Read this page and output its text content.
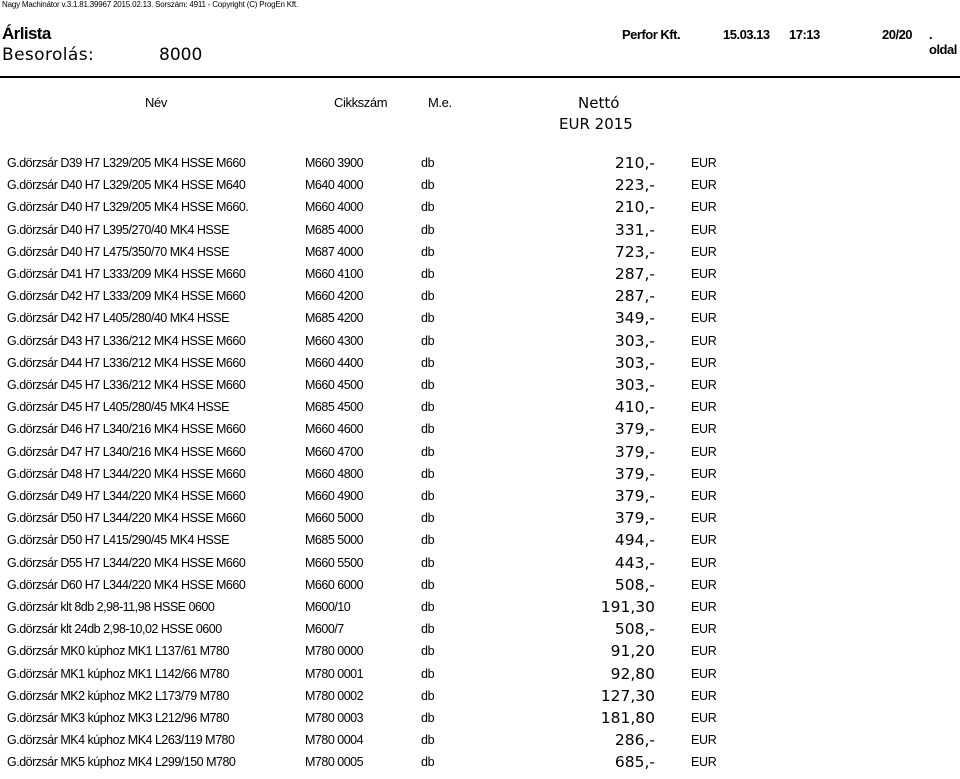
Nagy Machinátor v.3.1.81.39967 2015.02.13. Sorszám: 4911 - Copyright (C) ProgEn Kft.
Árlista	Perfor Kft.	15.03.13 17:13	20/20 . oldal
Besorolás:	8000
Név	Cikkszám	M.e.	Nettó
EUR 2015
G.dörzsár D39 H7 L329/205 MK4 HSSE M660	M660 3900	db	210,-	EUR
G.dörzsár D40 H7 L329/205 MK4 HSSE M640	M640 4000	db	223,-	EUR
G.dörzsár D40 H7 L329/205 MK4 HSSE M660.	M660 4000	db	210,-	EUR
G.dörzsár D40 H7 L395/270/40 MK4 HSSE	M685 4000	db	331,-	EUR
G.dörzsár D40 H7 L475/350/70 MK4 HSSE	M687 4000	db	723,-	EUR
G.dörzsár D41 H7 L333/209 MK4 HSSE M660	M660 4100	db	287,-	EUR
G.dörzsár D42 H7 L333/209 MK4 HSSE M660	M660 4200	db	287,-	EUR
G.dörzsár D42 H7 L405/280/40 MK4 HSSE	M685 4200	db	349,-	EUR
G.dörzsár D43 H7 L336/212 MK4 HSSE M660	M660 4300	db	303,-	EUR
G.dörzsár D44 H7 L336/212 MK4 HSSE M660	M660 4400	db	303,-	EUR
G.dörzsár D45 H7 L336/212 MK4 HSSE M660	M660 4500	db	303,-	EUR
G.dörzsár D45 H7 L405/280/45 MK4 HSSE	M685 4500	db	410,-	EUR
G.dörzsár D46 H7 L340/216 MK4 HSSE M660	M660 4600	db	379,-	EUR
G.dörzsár D47 H7 L340/216 MK4 HSSE M660	M660 4700	db	379,-	EUR
G.dörzsár D48 H7 L344/220 MK4 HSSE M660	M660 4800	db	379,-	EUR
G.dörzsár D49 H7 L344/220 MK4 HSSE M660	M660 4900	db	379,-	EUR
G.dörzsár D50 H7 L344/220 MK4 HSSE M660	M660 5000	db	379,-	EUR
G.dörzsár D50 H7 L415/290/45 MK4 HSSE	M685 5000	db	494,-	EUR
G.dörzsár D55 H7 L344/220 MK4 HSSE M660	M660 5500	db	443,-	EUR
G.dörzsár D60 H7 L344/220 MK4 HSSE M660	M660 6000	db	508,-	EUR
G.dörzsár klt 8db 2,98-11,98 HSSE 0600	M600/10	db	191,30	EUR
G.dörzsár klt 24db 2,98-10,02 HSSE 0600	M600/7	db	508,-	EUR
G.dörzsár MK0 kúphoz MK1 L137/61 M780	M780 0000	db	91,20	EUR
G.dörzsár MK1 kúphoz MK1 L142/66 M780	M780 0001	db	92,80	EUR
G.dörzsár MK2 kúphoz MK2 L173/79 M780	M780 0002	db	127,30	EUR
G.dörzsár MK3 kúphoz MK3 L212/96 M780	M780 0003	db	181,80	EUR
G.dörzsár MK4 kúphoz MK4 L263/119 M780	M780 0004	db	286,-	EUR
G.dörzsár MK5 kúphoz MK4 L299/150 M780	M780 0005	db	685,-	EUR
